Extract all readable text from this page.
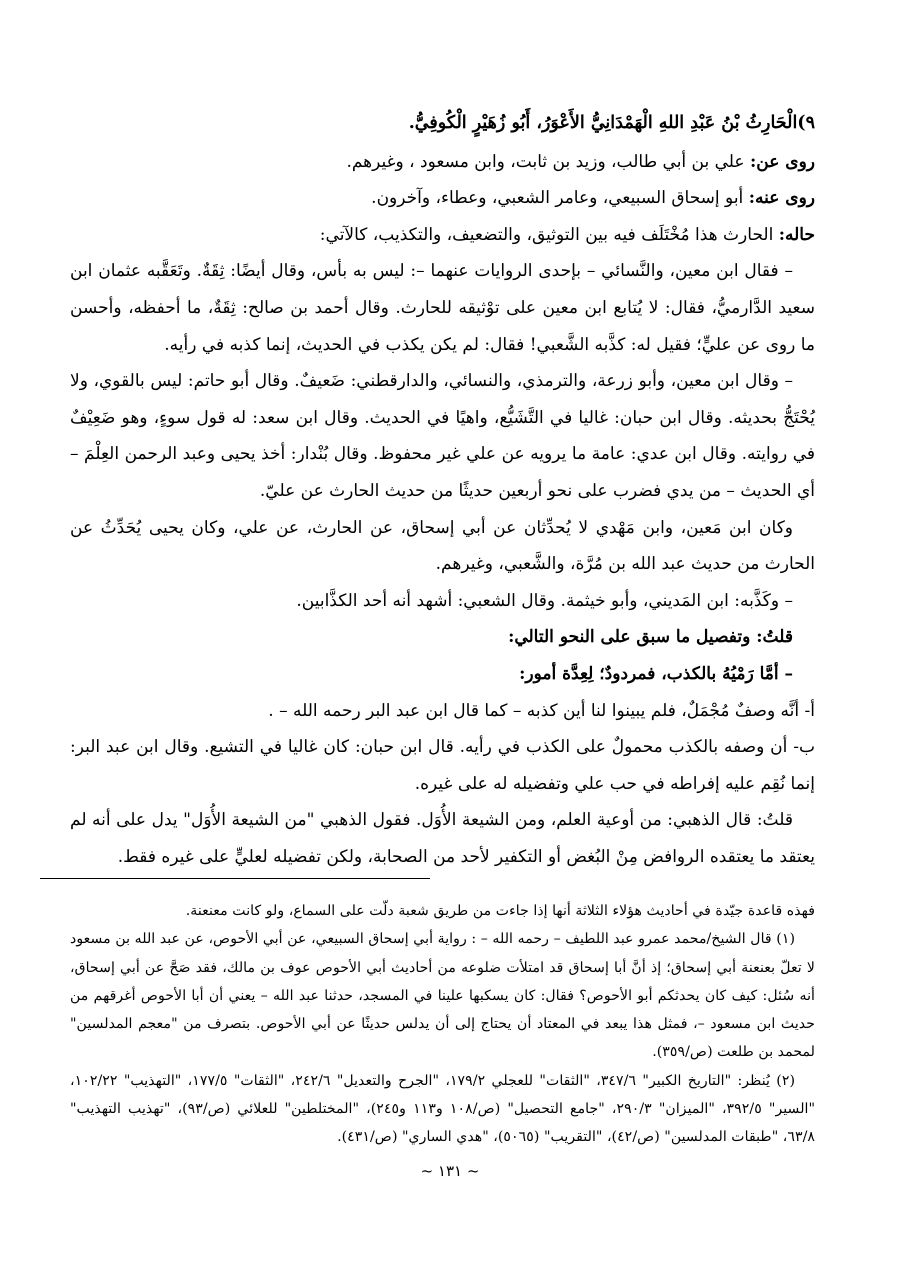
٩)الْحَارِثُ بْنُ عَبْدِ اللهِ الْهَمْدَانِيُّ الأَعْوَرُ، أَبُو زُهَيْرٍ الْكُوفِيُّ.

روى عن: علي بن أبي طالب، وزيد بن ثابت، وابن مسعود ، وغيرهم.

روى عنه: أبو إسحاق السبيعي، وعامر الشعبي، وعطاء، وآخرون.

حاله: الحارث هذا مُخْتَلَف فيه بين التوثيق، والتضعيف، والتكذيب، كالآتي:

– فقال ابن معين، والنَّسائي – بإحدى الروايات عنهما –: ليس به بأس، وقال أيضًا: ثِقَةٌ. وتَعَقَّبه عثمان ابن سعيد الدَّارميُّ، فقال: لا يُتابع ابن معين على توْثيقه للحارث. وقال أحمد بن صالح: ثِقَةٌ، ما أحفظه، وأحسن ما روى عن عليٍّ؛ فقيل له: كذَّبه الشَّعبي! فقال: لم يكن يكذب في الحديث، إنما كذبه في رأيه.

– وقال ابن معين، وأبو زرعة، والترمذي، والنسائي، والدارقطني: ضَعيفٌ. وقال أبو حاتم: ليس بالقوي، ولا يُحْتَجُّ بحديثه. وقال ابن حبان: غاليا في التَّشَيُّع، واهيًا في الحديث. وقال ابن سعد: له قول سوءٍ، وهو ضَعِيْفٌ في روايته. وقال ابن عدي: عامة ما يرويه عن علي غير محفوظ. وقال بُنْدار: أخذ يحيى وعبد الرحمن العِلْمَ – أي الحديث – من يدي فضرب على نحو أربعين حديثًا من حديث الحارث عن عليّ.

وكان ابن مَعين، وابن مَهْدي لا يُحدِّثان عن أبي إسحاق، عن الحارث، عن علي، وكان يحيى يُحَدِّثُ عن الحارث من حديث عبد الله بن مُرَّة، والشَّعبي، وغيرهم.

– وكَذَّبه: ابن المَديني، وأبو خيثمة. وقال الشعبي: أشهد أنه أحد الكذَّابين.

قلتُ: وتفصيل ما سبق على النحو التالي:

– أمَّا رَمْيُهُ بالكذب، فمردودٌ؛ لِعِدَّة أمور:

أ- أنَّه وصفٌ مُجْمَلٌ، فلم يبينوا لنا أين كذبه – كما قال ابن عبد البر رحمه الله – .

ب- أن وصفه بالكذب محمولٌ على الكذب في رأيه. قال ابن حبان: كان غاليا في التشيع. وقال ابن عبد البر: إنما نُقِم عليه إفراطه في حب علي وتفضيله له على غيره.

قلتُ: قال الذهبي: من أوعية العلم، ومن الشيعة الأُوَل. فقول الذهبي "من الشيعة الأُوَل" يدل على أنه لم يعتقد ما يعتقده الروافض مِنْ البُغض أو التكفير لأحد من الصحابة، ولكن تفضيله لعليٍّ على غيره فقط.

فهذه قاعدة جيّدة في أحاديث هؤلاء الثلاثة أنها إذا جاءت من طريق شعبة دلّت على السماع، ولو كانت معنعنة.

(١) قال الشيخ/محمد عمرو عبد اللطيف – رحمه الله – : رواية أبي إسحاق السبيعي، عن أبي الأحوص، عن عبد الله بن مسعود لا تعلّ بعنعنة أبي إسحاق؛ إذ أنَّ أبا إسحاق قد امتلأت ضلوعه من أحاديث أبي الأحوص عوف بن مالك، فقد صَحَّ عن أبي إسحاق، أنه سُئل: كيف كان يحدثكم أبو الأحوص؟ فقال: كان يسكبها علينا في المسجد، حدثنا عبد الله – يعني أن أبا الأحوص أغرقهم من حديث ابن مسعود –، فمثل هذا يبعد في المعتاد أن يحتاج إلى أن يدلس حديثًا عن أبي الأحوص. بتصرف من "معجم المدلسين" لمحمد بن طلعت (ص/٣٥٩).

(٢) يُنظر: "التاريخ الكبير" ٣٤٧/٦، "الثقات" للعجلي ١٧٩/٢، "الجرح والتعديل" ٢٤٢/٦، "الثقات" ١٧٧/٥، "التهذيب" ١٠٢/٢٢، "السير" ٣٩٢/٥، "الميزان" ٢٩٠/٣، "جامع التحصيل" (ص/١٠٨ و١١٣ و٢٤٥)، "المختلطين" للعلائي (ص/٩٣)، "تهذيب التهذيب" ٦٣/٨، "طبقات المدلسين" (ص/٤٢)، "التقريب" (٥٠٦٥)، "هدي الساري" (ص/٤٣١).

~ ١٣١ ~
